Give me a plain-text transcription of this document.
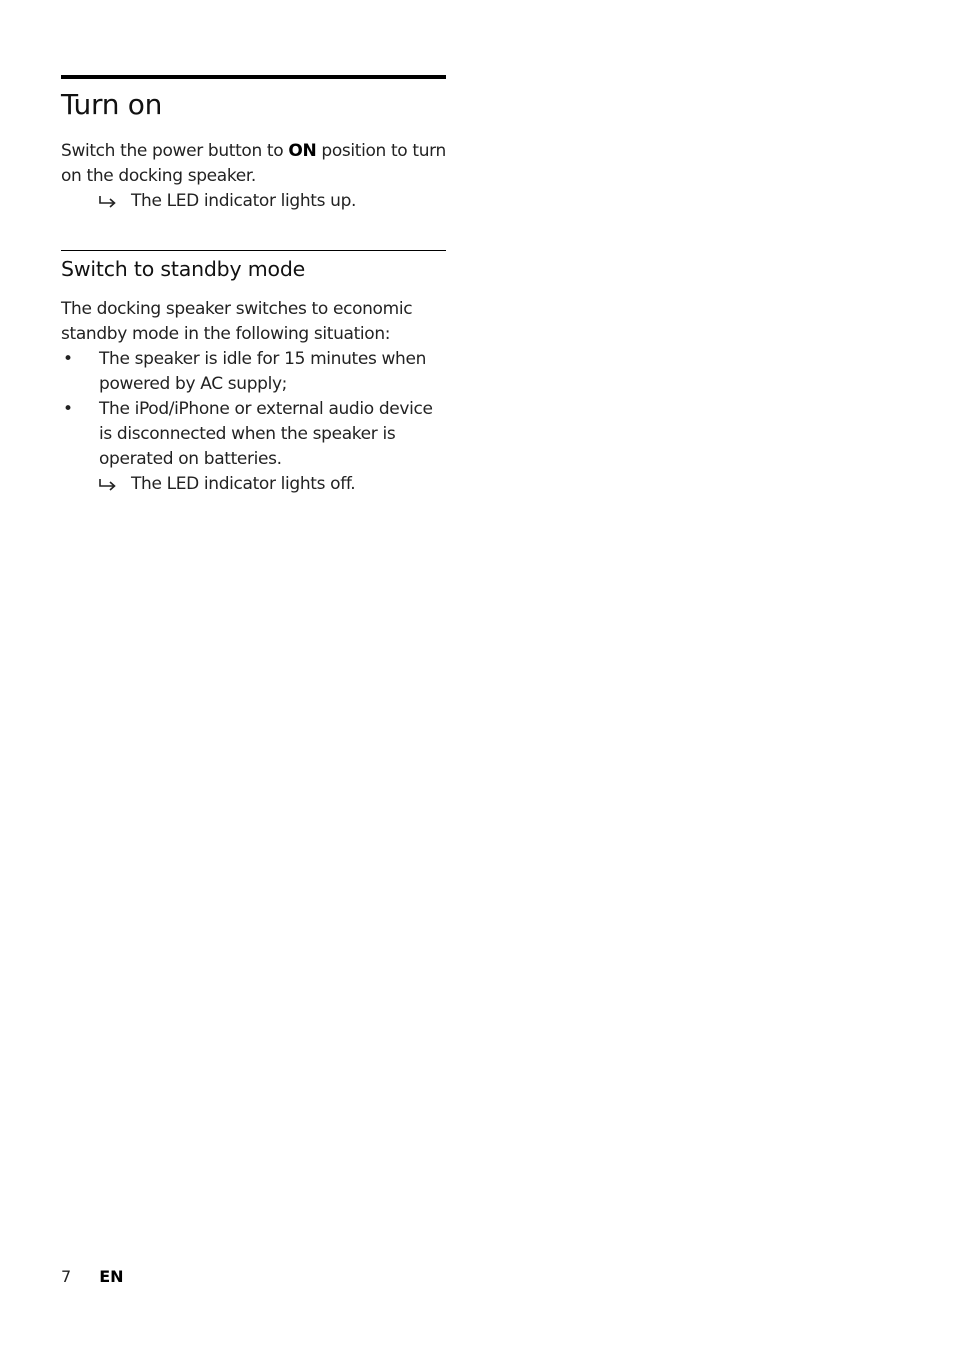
Turn on

Switch the power button to ON position to turn on the docking speaker.

The LED indicator lights up.
Switch to standby mode

The docking speaker switches to economic standby mode in the following situation:

• The speaker is idle for 15 minutes when powered by AC supply;
• The iPod/iPhone or external audio device is disconnected when the speaker is operated on batteries.
The LED indicator lights off.
7 EN
